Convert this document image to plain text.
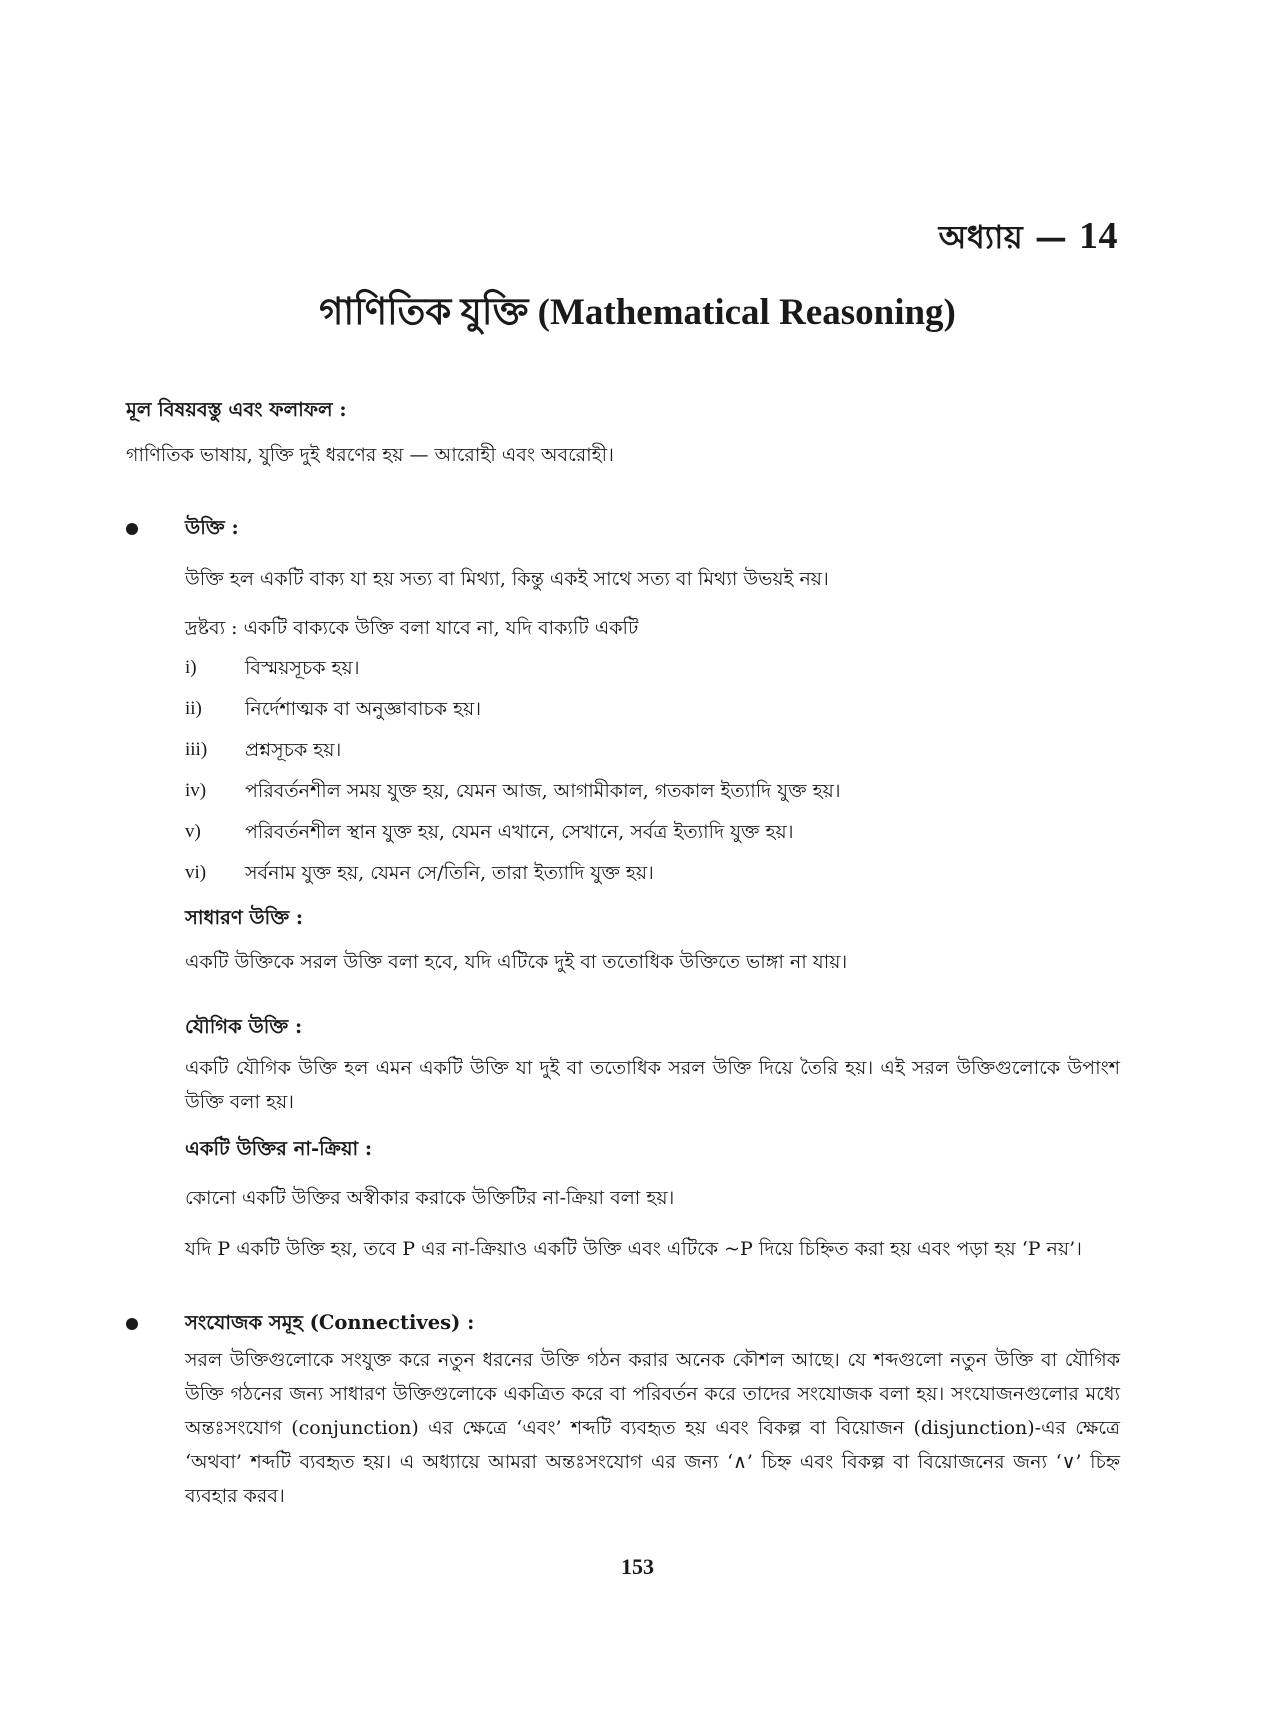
অধ্যায় — 14
গাণিতিক যুক্তি (Mathematical Reasoning)
মূল বিষয়বস্তু এবং ফলাফল :
গাণিতিক ভাষায়, যুক্তি দুই ধরণের হয় — আরোহী এবং অবরোহী।
উক্তি :
উক্তি হল একটি বাক্য যা হয় সত্য বা মিথ্যা, কিন্তু একই সাথে সত্য বা মিথ্যা উভয়ই নয়।
দ্রষ্টব্য : একটি বাক্যকে উক্তি বলা যাবে না, যদি বাক্যটি একটি
i)	বিস্ময়সূচক হয়।
ii) নির্দেশাত্মক বা অনুজ্ঞাবাচক হয়।
iii) প্রশ্নসূচক হয়।
iv) পরিবর্তনশীল সময় যুক্ত হয়, যেমন আজ, আগামীকাল, গতকাল ইত্যাদি যুক্ত হয়।
v) পরিবর্তনশীল স্থান যুক্ত হয়, যেমন এখানে, সেখানে, সর্বত্র ইত্যাদি যুক্ত হয়।
vi) সর্বনাম যুক্ত হয়, যেমন সে/তিনি, তারা ইত্যাদি যুক্ত হয়।
সাধারণ উক্তি :
একটি উক্তিকে সরল উক্তি বলা হবে, যদি এটিকে দুই বা ততোধিক উক্তিতে ভাঙ্গা না যায়।
যৌগিক উক্তি :
একটি যৌগিক উক্তি হল এমন একটি উক্তি যা দুই বা ততোধিক সরল উক্তি দিয়ে তৈরি হয়। এই সরল উক্তিগুলোকে উপাংশ উক্তি বলা হয়।
একটি উক্তির না-ক্রিয়া :
কোনো একটি উক্তির অস্বীকার করাকে উক্তিটির না-ক্রিয়া বলা হয়।
যদি P একটি উক্তি হয়, তবে P এর না-ক্রিয়াও একটি উক্তি এবং এটিকে ~P দিয়ে চিহ্নিত করা হয় এবং পড়া হয় ‘P নয়’।
সংযোজক সমূহ (Connectives) :
সরল উক্তিগুলোকে সংযুক্ত করে নতুন ধরনের উক্তি গঠন করার অনেক কৌশল আছে। যে শব্দগুলো নতুন উক্তি বা যৌগিক উক্তি গঠনের জন্য সাধারণ উক্তিগুলোকে একত্রিত করে বা পরিবর্তন করে তাদের সংযোজক বলা হয়। সংযোজনগুলোর মধ্যে অন্তঃসংযোগ (conjunction) এর ক্ষেত্রে ‘এবং’ শব্দটি ব্যবহৃত হয় এবং বিকল্প বা বিয়োজন (disjunction)-এর ক্ষেত্রে ‘অথবা’ শব্দটি ব্যবহৃত হয়। এ অধ্যায়ে আমরা অন্তঃসংযোগ এর জন্য ‘∧’ চিহ্ন এবং বিকল্প বা বিয়োজনের জন্য ‘∨’ চিহ্ন ব্যবহার করব।
153
